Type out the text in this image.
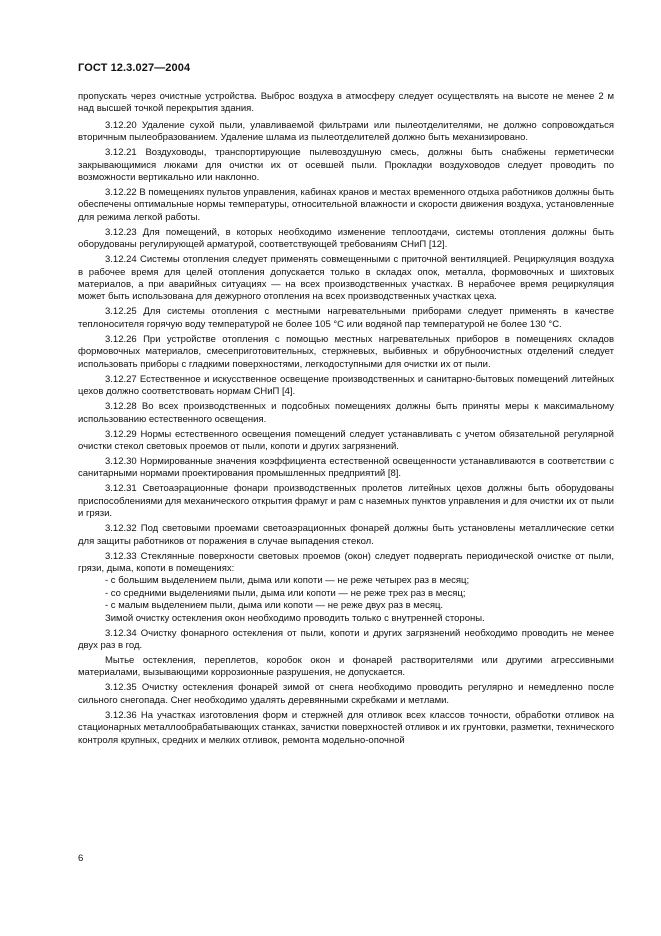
ГОСТ 12.3.027—2004

пропускать через очистные устройства. Выброс воздуха в атмосферу следует осуществлять на высоте не менее 2 м над высшей точкой перекрытия здания.

3.12.20 Удаление сухой пыли, улавливаемой фильтрами или пылеотделителями, не должно сопровождаться вторичным пылеобразованием. Удаление шлама из пылеотделителей должно быть механизировано.

3.12.21 Воздуховоды, транспортирующие пылевоздушную смесь, должны быть снабжены герметически закрывающимися люками для очистки их от осевшей пыли. Прокладки воздуховодов следует проводить по возможности вертикально или наклонно.

3.12.22 В помещениях пультов управления, кабинах кранов и местах временного отдыха работников должны быть обеспечены оптимальные нормы температуры, относительной влажности и скорости движения воздуха, установленные для режима легкой работы.

3.12.23 Для помещений, в которых необходимо изменение теплоотдачи, системы отопления должны быть оборудованы регулирующей арматурой, соответствующей требованиям СНиП [12].

3.12.24 Системы отопления следует применять совмещенными с приточной вентиляцией. Рециркуляция воздуха в рабочее время для целей отопления допускается только в складах опок, металла, формовочных и шихтовых материалов, а при аварийных ситуациях — на всех производственных участках. В нерабочее время рециркуляция может быть использована для дежурного отопления на всех производственных участках цеха.

3.12.25 Для системы отопления с местными нагревательными приборами следует применять в качестве теплоносителя горячую воду температурой не более 105 °С или водяной пар температурой не более 130 °С.

3.12.26 При устройстве отопления с помощью местных нагревательных приборов в помещениях складов формовочных материалов, смесеприготовительных, стержневых, выбивных и обрубноочистных отделений следует использовать приборы с гладкими поверхностями, легкодоступными для очистки их от пыли.

3.12.27 Естественное и искусственное освещение производственных и санитарно-бытовых помещений литейных цехов должно соответствовать нормам СНиП [4].

3.12.28 Во всех производственных и подсобных помещениях должны быть приняты меры к максимальному использованию естественного освещения.

3.12.29 Нормы естественного освещения помещений следует устанавливать с учетом обязательной регулярной очистки стекол световых проемов от пыли, копоти и других загрязнений.

3.12.30 Нормированные значения коэффициента естественной освещенности устанавливаются в соответствии с санитарными нормами проектирования промышленных предприятий [8].

3.12.31 Светоаэрационные фонари производственных пролетов литейных цехов должны быть оборудованы приспособлениями для механического открытия фрамуг и рам с наземных пунктов управления и для очистки их от пыли и грязи.

3.12.32 Под световыми проемами светоаэрационных фонарей должны быть установлены металлические сетки для защиты работников от поражения в случае выпадения стекол.

3.12.33 Стеклянные поверхности световых проемов (окон) следует подвергать периодической очистке от пыли, грязи, дыма, копоти в помещениях:

- с большим выделением пыли, дыма или копоти — не реже четырех раз в месяц;

- со средними выделениями пыли, дыма или копоти — не реже трех раз в месяц;

- с малым выделением пыли, дыма или копоти — не реже двух раз в месяц.

Зимой очистку остекления окон необходимо проводить только с внутренней стороны.

3.12.34 Очистку фонарного остекления от пыли, копоти и других загрязнений необходимо проводить не менее двух раз в год.

Мытье остекления, переплетов, коробок окон и фонарей растворителями или другими агрессивными материалами, вызывающими коррозионные разрушения, не допускается.

3.12.35 Очистку остекления фонарей зимой от снега необходимо проводить регулярно и немедленно после сильного снегопада. Снег необходимо удалять деревянными скребками и метлами.

3.12.36 На участках изготовления форм и стержней для отливок всех классов точности, обработки отливок на стационарных металлообрабатывающих станках, зачистки поверхностей отливок и их грунтовки, разметки, технического контроля крупных, средних и мелких отливок, ремонта модельно-опочной

6
